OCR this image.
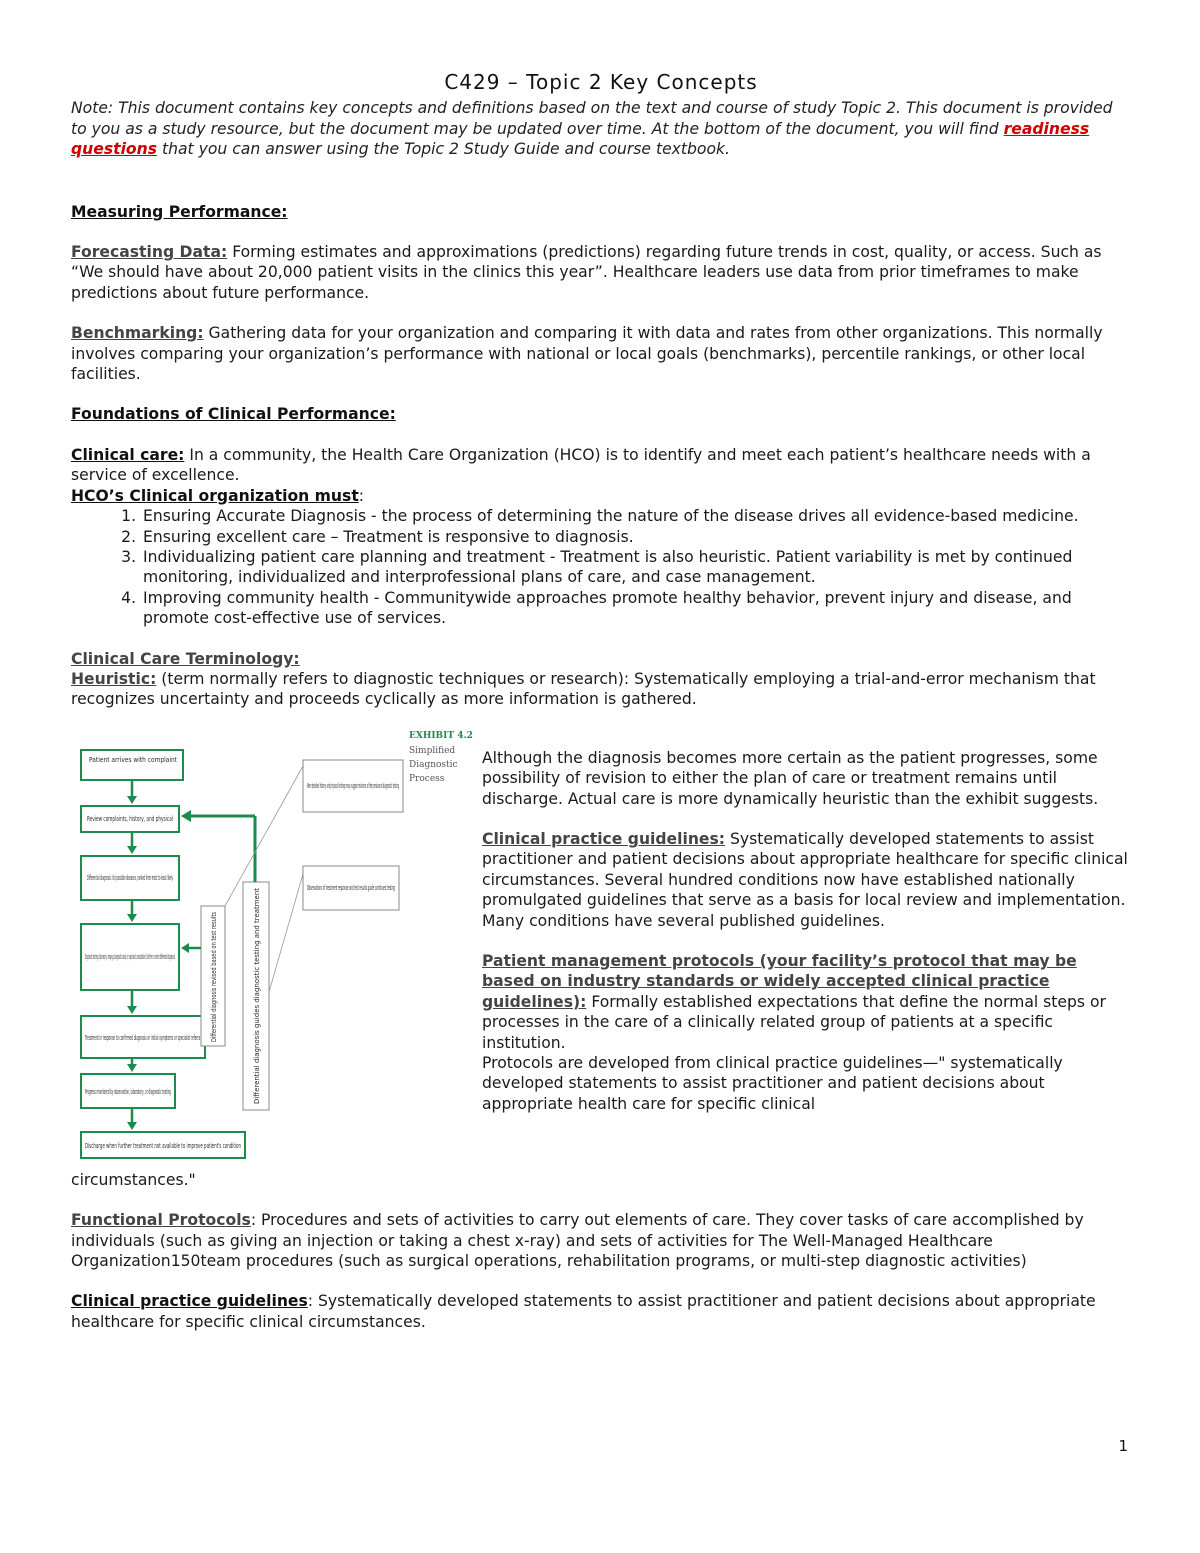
C429 – Topic 2 Key Concepts

Note: This document contains key concepts and definitions based on the text and course of study Topic 2. This document is provided to you as a study resource, but the document may be updated over time. At the bottom of the document, you will find readiness questions that you can answer using the Topic 2 Study Guide and course textbook.

Measuring Performance:

Forecasting Data: Forming estimates and approximations (predictions) regarding future trends in cost, quality, or access. Such as “We should have about 20,000 patient visits in the clinics this year”. Healthcare leaders use data from prior timeframes to make predictions about future performance.

Benchmarking: Gathering data for your organization and comparing it with data and rates from other organizations. This normally involves comparing your organization’s performance with national or local goals (benchmarks), percentile rankings, or other local facilities.

Foundations of Clinical Performance:

Clinical care: In a community, the Health Care Organization (HCO) is to identify and meet each patient’s healthcare needs with a service of excellence.

HCO’s Clinical organization must:

1. Ensuring Accurate Diagnosis - the process of determining the nature of the disease drives all evidence-based medicine.
2. Ensuring excellent care – Treatment is responsive to diagnosis.
3. Individualizing patient care planning and treatment - Treatment is also heuristic. Patient variability is met by continued monitoring, individualized and interprofessional plans of care, and case management.
4. Improving community health - Communitywide approaches promote healthy behavior, prevent injury and disease, and promote cost-effective use of services.

Clinical Care Terminology:

Heuristic: (term normally refers to diagnostic techniques or research): Systematically employing a trial-and-error mechanism that recognizes uncertainty and proceeds cyclically as more information is gathered.

Patient arrives with complaint
Review complaints, history, and physical
Differential diagnosis: list possible diseases, ranked from most to least likely
Diagnostic testing (laboratory, imaging, diagnostic study, or specialist consultation) Confirm or correct differential diagnosis
Treatment in response to confirmed diagnosis or initial symptoms or specialist referral
Progress monitored by observation, laboratory, or diagnostic testing
Discharge when further treatment not available to improve patient's condition
Differential diagnosis revised based on test results	Differential diagnosis guides diagnostic testing and treatment
More detailed history and physical findings may suggest revisions of the provisional diagnostic testing
Observations of treatment response and test results guide continued testing
EXHIBIT 4.2
Simplified
Diagnostic
Process

Although the diagnosis becomes more certain as the patient progresses, some possibility of revision to either the plan of care or treatment remains until discharge. Actual care is more dynamically heuristic than the exhibit suggests.

Clinical practice guidelines: Systematically developed statements to assist practitioner and patient decisions about appropriate healthcare for specific clinical circumstances. Several hundred conditions now have established nationally promulgated guidelines that serve as a basis for local review and implementation. Many conditions have several published guidelines.

Patient management protocols (your facility’s protocol that may be based on industry standards or widely accepted clinical practice guidelines): Formally established expectations that define the normal steps or processes in the care of a clinically related group of patients at a specific institution.

Protocols are developed from clinical practice guidelines—" systematically developed statements to assist practitioner and patient decisions about appropriate health care for specific clinical

circumstances."

Functional Protocols: Procedures and sets of activities to carry out elements of care. They cover tasks of care accomplished by individuals (such as giving an injection or taking a chest x-ray) and sets of activities for The Well-Managed Healthcare Organization150team procedures (such as surgical operations, rehabilitation programs, or multi-step diagnostic activities)

Clinical practice guidelines: Systematically developed statements to assist practitioner and patient decisions about appropriate healthcare for specific clinical circumstances.

1
